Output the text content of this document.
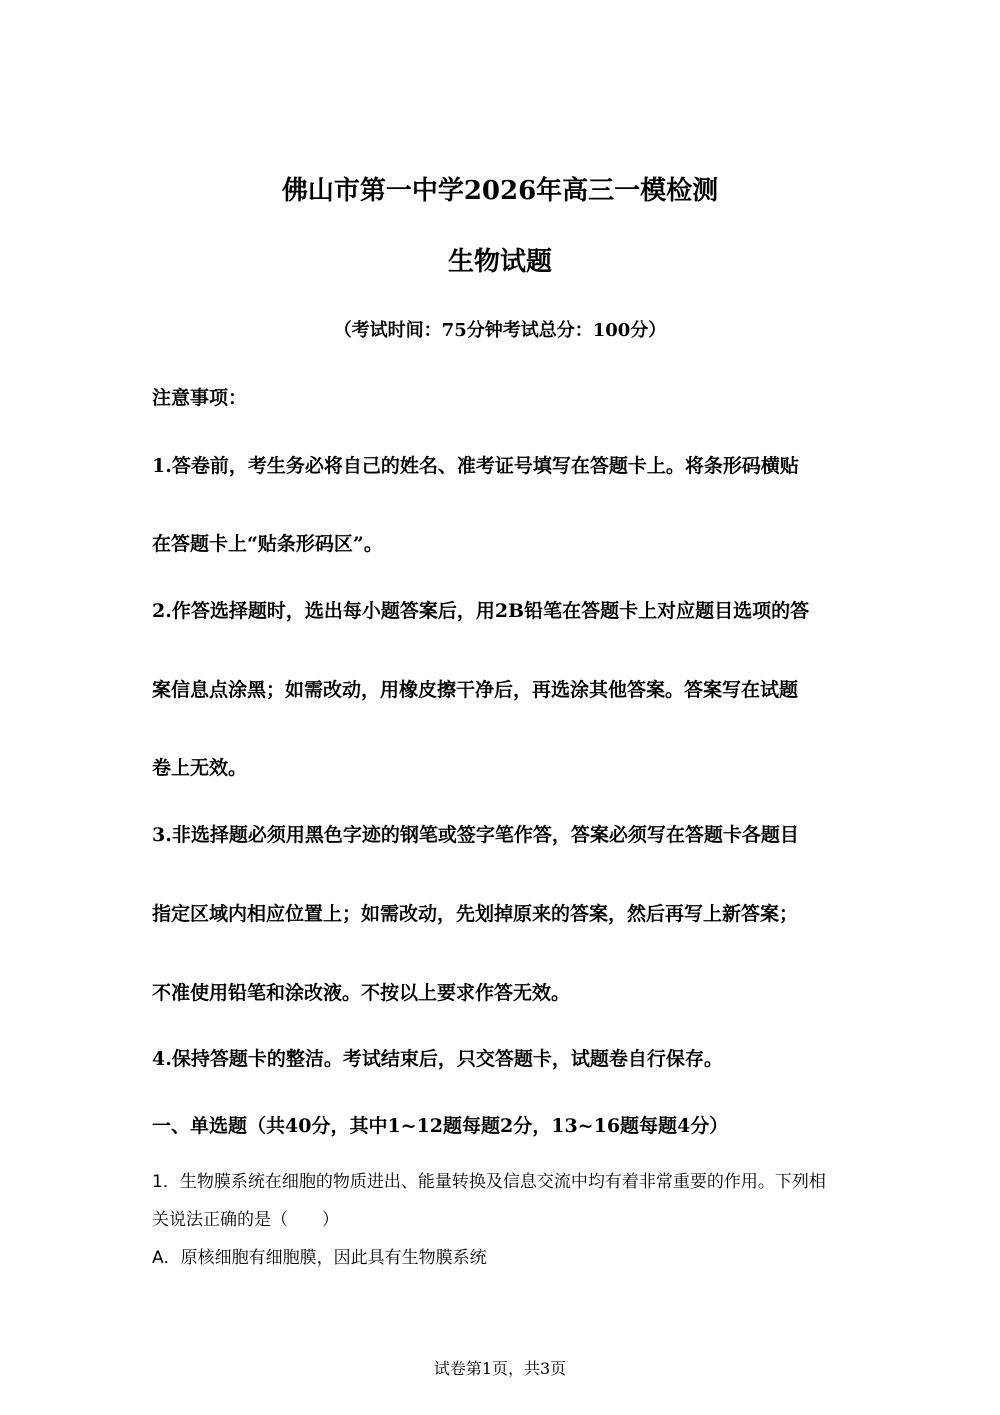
佛山市第一中学2026年高三一模检测
生物试题
（考试时间：75分钟考试总分：100分）
注意事项：
1.答卷前，考生务必将自己的姓名、准考证号填写在答题卡上。将条形码横贴
在答题卡上“贴条形码区”。
2.作答选择题时，选出每小题答案后，用2B铅笔在答题卡上对应题目选项的答
案信息点涂黑；如需改动，用橡皮擦干净后，再选涂其他答案。答案写在试题
卷上无效。
3.非选择题必须用黑色字迹的钢笔或签字笔作答，答案必须写在答题卡各题目
指定区域内相应位置上；如需改动，先划掉原来的答案，然后再写上新答案；
不准使用铅笔和涂改液。不按以上要求作答无效。
4.保持答题卡的整洁。考试结束后，只交答题卡，试题卷自行保存。
一、单选题（共40分，其中1~12题每题2分，13~16题每题4分）
1．生物膜系统在细胞的物质进出、能量转换及信息交流中均有着非常重要的作用。下列相
关说法正确的是（　　）
A．原核细胞有细胞膜，因此具有生物膜系统
试卷第1页，共3页
